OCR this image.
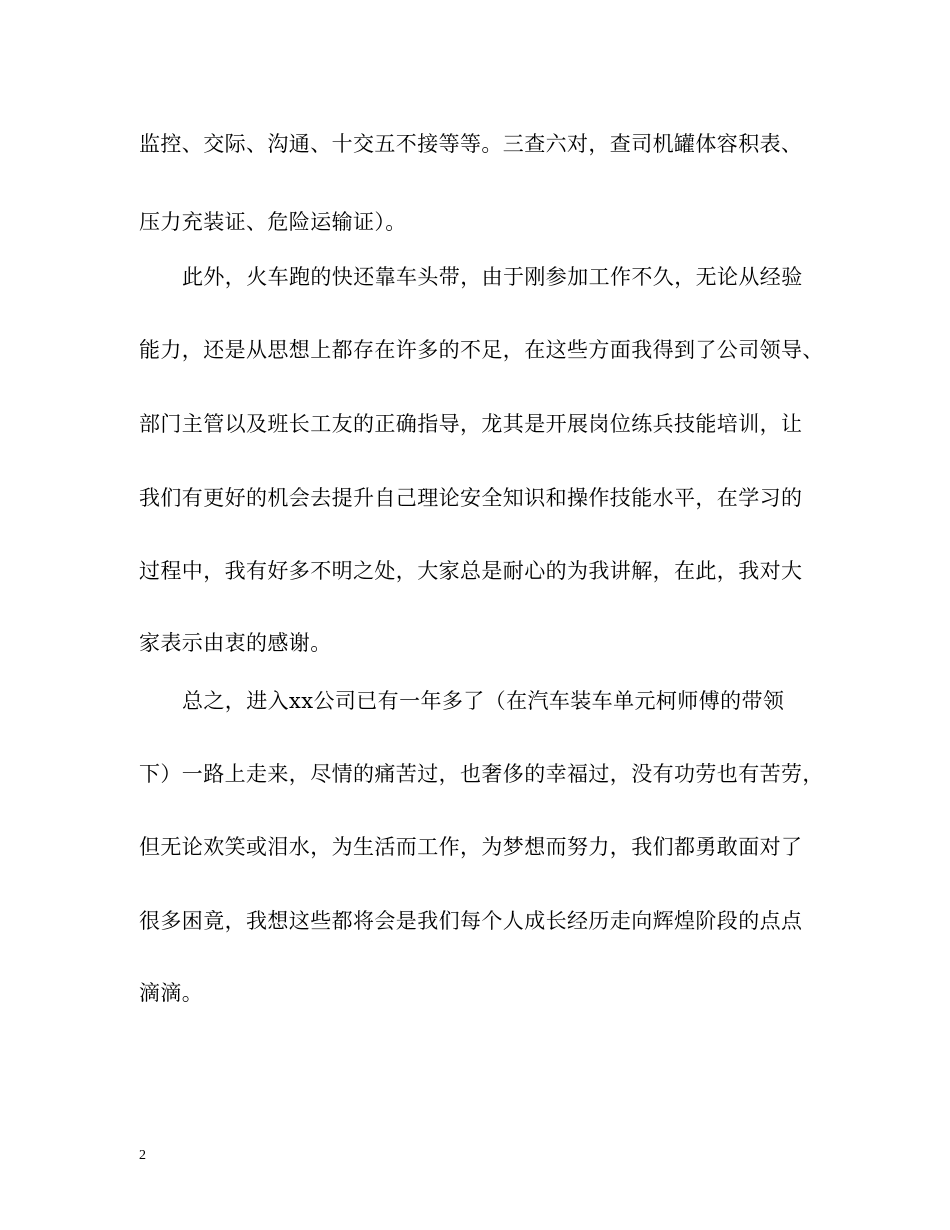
监控、交际、沟通、十交五不接等等。三查六对，查司机罐体容积表、
压力充装证、危险运输证）。
此外，火车跑的快还靠车头带，由于刚参加工作不久，无论从经验
能力，还是从思想上都存在许多的不足，在这些方面我得到了公司领导、
部门主管以及班长工友的正确指导，龙其是开展岗位练兵技能培训，让
我们有更好的机会去提升自己理论安全知识和操作技能水平，在学习的
过程中，我有好多不明之处，大家总是耐心的为我讲解，在此，我对大
家表示由衷的感谢。
总之，进入xx公司已有一年多了（在汽车装车单元柯师傅的带领
下）一路上走来，尽情的痛苦过，也奢侈的幸福过，没有功劳也有苦劳，
但无论欢笑或泪水，为生活而工作，为梦想而努力，我们都勇敢面对了
很多困竟，我想这些都将会是我们每个人成长经历走向辉煌阶段的点点
滴滴。
2
